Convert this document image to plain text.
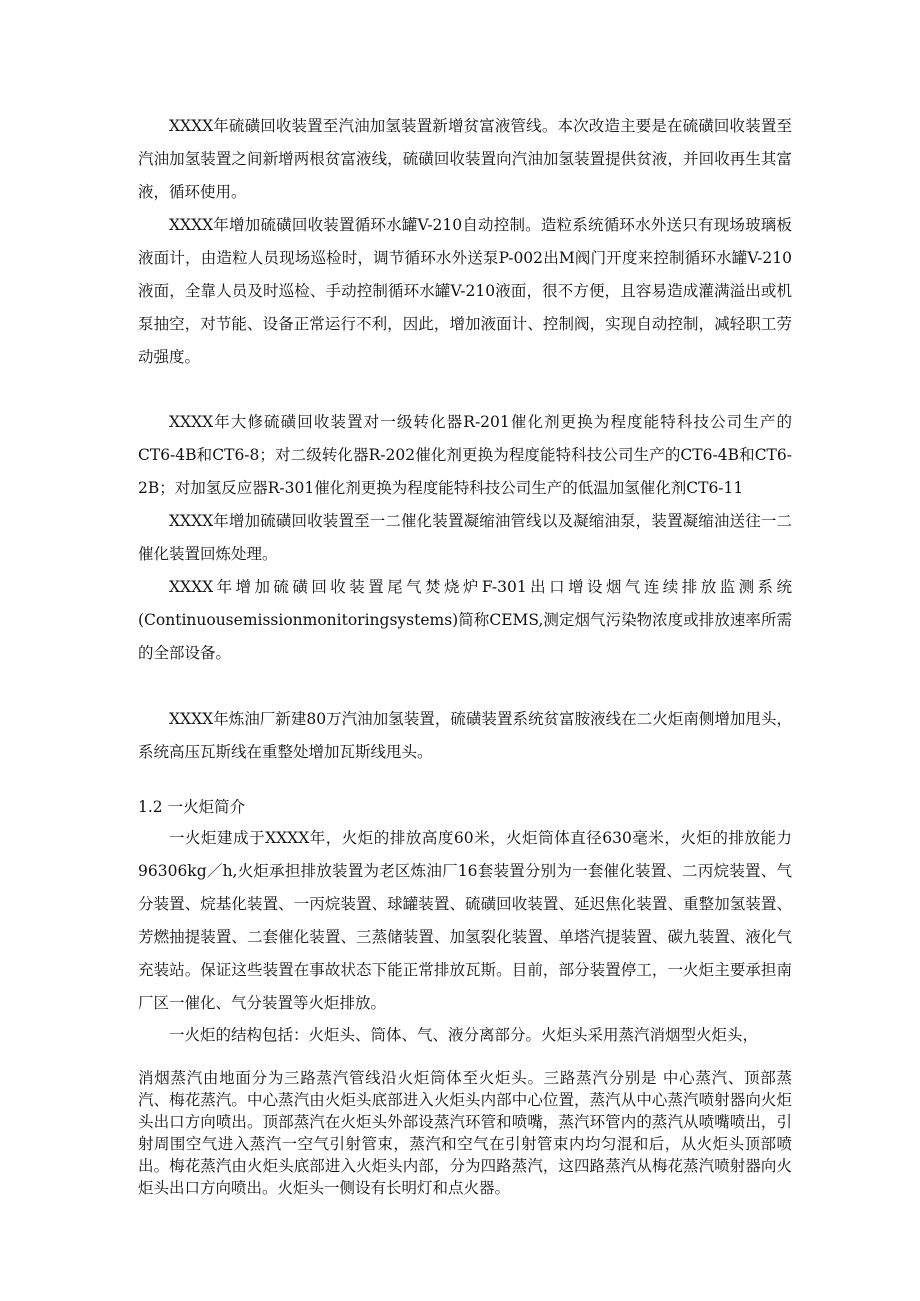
XXXX年硫磺回收装置至汽油加氢装置新增贫富液管线。本次改造主要是在硫磺回收装置至汽油加氢装置之间新增两根贫富液线，硫磺回收装置向汽油加氢装置提供贫液，并回收再生其富液，循环使用。

XXXX年增加硫磺回收装置循环水罐V-210自动控制。造粒系统循环水外送只有现场玻璃板液面计，由造粒人员现场巡检时，调节循环水外送泵P-002出M阀门开度来控制循环水罐V-210液面，全靠人员及时巡检、手动控制循环水罐V-210液面，很不方便，且容易造成灌满溢出或机泵抽空，对节能、设备正常运行不利，因此，增加液面计、控制阀，实现自动控制，减轻职工劳动强度。

XXXX年大修硫磺回收装置对一级转化器R-201催化剂更换为程度能特科技公司生产的CT6-4B和CT6-8；对二级转化器R-202催化剂更换为程度能特科技公司生产的CT6-4B和CT6-2B；对加氢反应器R-301催化剂更换为程度能特科技公司生产的低温加氢催化剂CT6-11

XXXX年增加硫磺回收装置至一二催化装置凝缩油管线以及凝缩油泵，装置凝缩油送往一二催化装置回炼处理。

XXXX年增加硫磺回收装置尾气焚烧炉F-301出口增设烟气连续排放监测系统(Continuousemissionmonitoringsystems)简称CEMS,测定烟气污染物浓度或排放速率所需的全部设备。

XXXX年炼油厂新建80万汽油加氢装置，硫磺装置系统贫富胺液线在二火炬南侧增加甩头，系统高压瓦斯线在重整处增加瓦斯线甩头。

1.2 一火炬简介

一火炬建成于XXXX年，火炬的排放高度60米，火炬筒体直径630毫米，火炬的排放能力96306kg／h,火炬承担排放装置为老区炼油厂16套装置分别为一套催化装置、二丙烷装置、气分装置、烷基化装置、一丙烷装置、球罐装置、硫磺回收装置、延迟焦化装置、重整加氢装置、芳燃抽提装置、二套催化装置、三蒸储装置、加氢裂化装置、单塔汽提装置、碳九装置、液化气充装站。保证这些装置在事故状态下能正常排放瓦斯。目前，部分装置停工，一火炬主要承担南厂区一催化、气分装置等火炬排放。

一火炬的结构包括：火炬头、筒体、气、液分离部分。火炬头采用蒸汽消烟型火炬头，

消烟蒸汽由地面分为三路蒸汽管线沿火炬筒体至火炬头。三路蒸汽分别是 中心蒸汽、顶部蒸汽、梅花蒸汽。中心蒸汽由火炬头底部进入火炬头内部中心位置，蒸汽从中心蒸汽喷射器向火炬头出口方向喷出。顶部蒸汽在火炬头外部设蒸汽环管和喷嘴，蒸汽环管内的蒸汽从喷嘴喷出，引射周围空气进入蒸汽一空气引射管束，蒸汽和空气在引射管束内均匀混和后，从火炬头顶部喷出。梅花蒸汽由火炬头底部进入火炬头内部，分为四路蒸汽，这四路蒸汽从梅花蒸汽喷射器向火炬头出口方向喷出。火炬头一侧设有长明灯和点火器。
